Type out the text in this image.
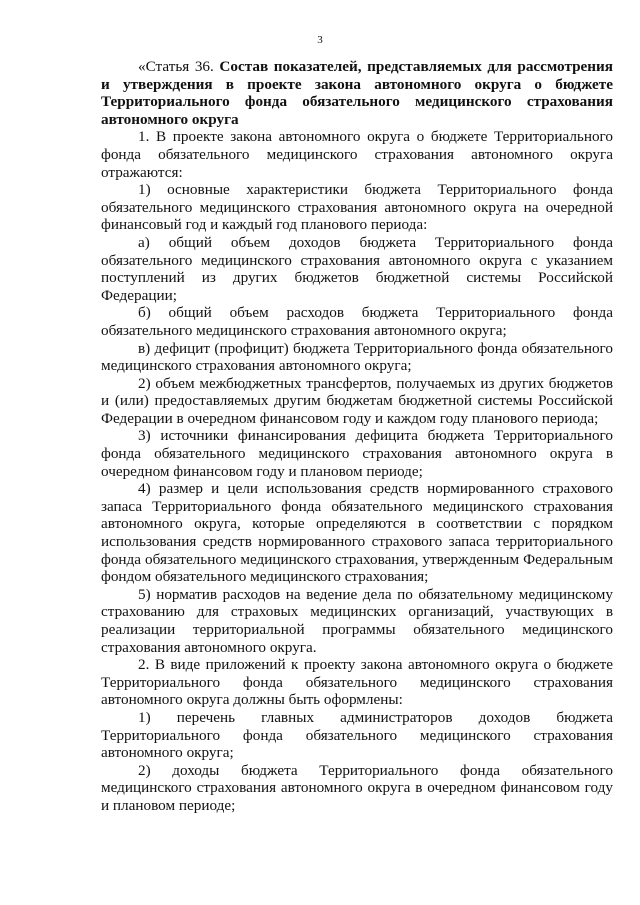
3

«Статья 36. Состав показателей, представляемых для рассмотрения и утверждения в проекте закона автономного округа о бюджете Территориального фонда обязательного медицинского страхования автономного округа

1. В проекте закона автономного округа о бюджете Территориального фонда обязательного медицинского страхования автономного округа отражаются:

1) основные характеристики бюджета Территориального фонда обязательного медицинского страхования автономного округа на очередной финансовый год и каждый год планового периода:

а) общий объем доходов бюджета Территориального фонда обязательного медицинского страхования автономного округа с указанием поступлений из других бюджетов бюджетной системы Российской Федерации;

б) общий объем расходов бюджета Территориального фонда обязательного медицинского страхования автономного округа;

в) дефицит (профицит) бюджета Территориального фонда обязательного медицинского страхования автономного округа;

2) объем межбюджетных трансфертов, получаемых из других бюджетов и (или) предоставляемых другим бюджетам бюджетной системы Российской Федерации в очередном финансовом году и каждом году планового периода;

3) источники финансирования дефицита бюджета Территориального фонда обязательного медицинского страхования автономного округа в очередном финансовом году и плановом периоде;

4) размер и цели использования средств нормированного страхового запаса Территориального фонда обязательного медицинского страхования автономного округа, которые определяются в соответствии с порядком использования средств нормированного страхового запаса территориального фонда обязательного медицинского страхования, утвержденным Федеральным фондом обязательного медицинского страхования;

5) норматив расходов на ведение дела по обязательному медицинскому страхованию для страховых медицинских организаций, участвующих в реализации территориальной программы обязательного медицинского страхования автономного округа.

2. В виде приложений к проекту закона автономного округа о бюджете Территориального фонда обязательного медицинского страхования автономного округа должны быть оформлены:

1) перечень главных администраторов доходов бюджета Территориального фонда обязательного медицинского страхования автономного округа;

2) доходы бюджета Территориального фонда обязательного медицинского страхования автономного округа в очередном финансовом году и плановом периоде;
